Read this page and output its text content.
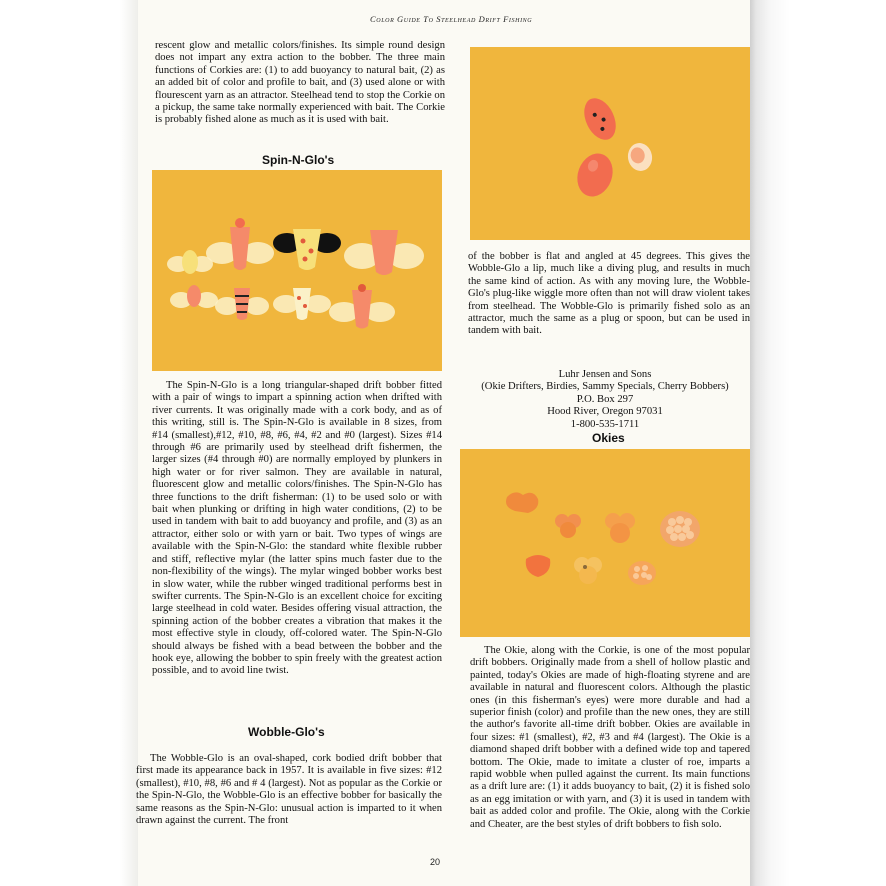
Color Guide To Steelhead Drift Fishing

rescent glow and metallic colors/finishes. Its simple round design does not impart any extra action to the bobber. The three main functions of Corkies are: (1) to add buoyancy to natural bait, (2) as an added bit of color and profile to bait, and (3) used alone or with flourescent yarn as an attractor. Steelhead tend to stop the Corkie on a pickup, the same take normally experienced with bait. The Corkie is probably fished alone as much as it is used with bait.

Spin-N-Glo's

The Spin-N-Glo is a long triangular-shaped drift bobber fitted with a pair of wings to impart a spinning action when drifted with river currents. It was originally made with a cork body, and as of this writing, still is. The Spin-N-Glo is available in 8 sizes, from #14 (smallest),#12, #10, #8, #6, #4, #2 and #0 (largest). Sizes #14 through #6 are primarily used by steelhead drift fishermen, the larger sizes (#4 through #0) are normally employed by plunkers in high water or for river salmon. They are available in natural, fluorescent glow and metallic colors/finishes. The Spin-N-Glo has three functions to the drift fisherman: (1) to be used solo or with bait when plunking or drifting in high water conditions, (2) to be used in tandem with bait to add buoyancy and profile, and (3) as an attractor, either solo or with yarn or bait. Two types of wings are available with the Spin-N-Glo: the standard white flexible rubber and stiff, reflective mylar (the latter spins much faster due to the non-flexibility of the wings). The mylar winged bobber works best in slow water, while the rubber winged traditional performs best in swifter currents. The Spin-N-Glo is an excellent choice for exciting large steelhead in cold water. Besides offering visual attraction, the spinning action of the bobber creates a vibration that makes it the most effective style in cloudy, off-colored water. The Spin-N-Glo should always be fished with a bead between the bobber and the hook eye, allowing the bobber to spin freely with the greatest action possible, and to avoid line twist.

Wobble-Glo's

The Wobble-Glo is an oval-shaped, cork bodied drift bobber that first made its appearance back in 1957. It is available in five sizes: #12 (smallest), #10, #8, #6 and # 4 (largest). Not as popular as the Corkie or the Spin-N-Glo, the Wobble-Glo is an effective bobber for basically the same reasons as the Spin-N-Glo: unusual action is imparted to it when drawn against the current. The front

of the bobber is flat and angled at 45 degrees. This gives the Wobble-Glo a lip, much like a diving plug, and results in much the same kind of action. As with any moving lure, the Wobble-Glo's plug-like wiggle more often than not will draw violent takes from steelhead. The Wobble-Glo is primarily fished solo as an attractor, much the same as a plug or spoon, but can be used in tandem with bait.

Luhr Jensen and Sons
(Okie Drifters, Birdies, Sammy Specials, Cherry Bobbers)
P.O. Box 297
Hood River, Oregon 97031
1-800-535-1711
Okies

The Okie, along with the Corkie, is one of the most popular drift bobbers. Originally made from a shell of hollow plastic and painted, today's Okies are made of high-floating styrene and are available in natural and fluorescent colors. Although the plastic ones (in this fisherman's eyes) were more durable and had a superior finish (color) and profile than the new ones, they are still the author's favorite all-time drift bobber. Okies are available in four sizes: #1 (smallest), #2, #3 and #4 (largest). The Okie is a diamond shaped drift bobber with a defined wide top and tapered bottom. The Okie, made to imitate a cluster of roe, imparts a rapid wobble when pulled against the current. Its main functions as a drift lure are: (1) it adds buoyancy to bait, (2) it is fished solo as an egg imitation or with yarn, and (3) it is used in tandem with bait as added color and profile. The Okie, along with the Corkie and Cheater, are the best styles of drift bobbers to fish solo.

20
